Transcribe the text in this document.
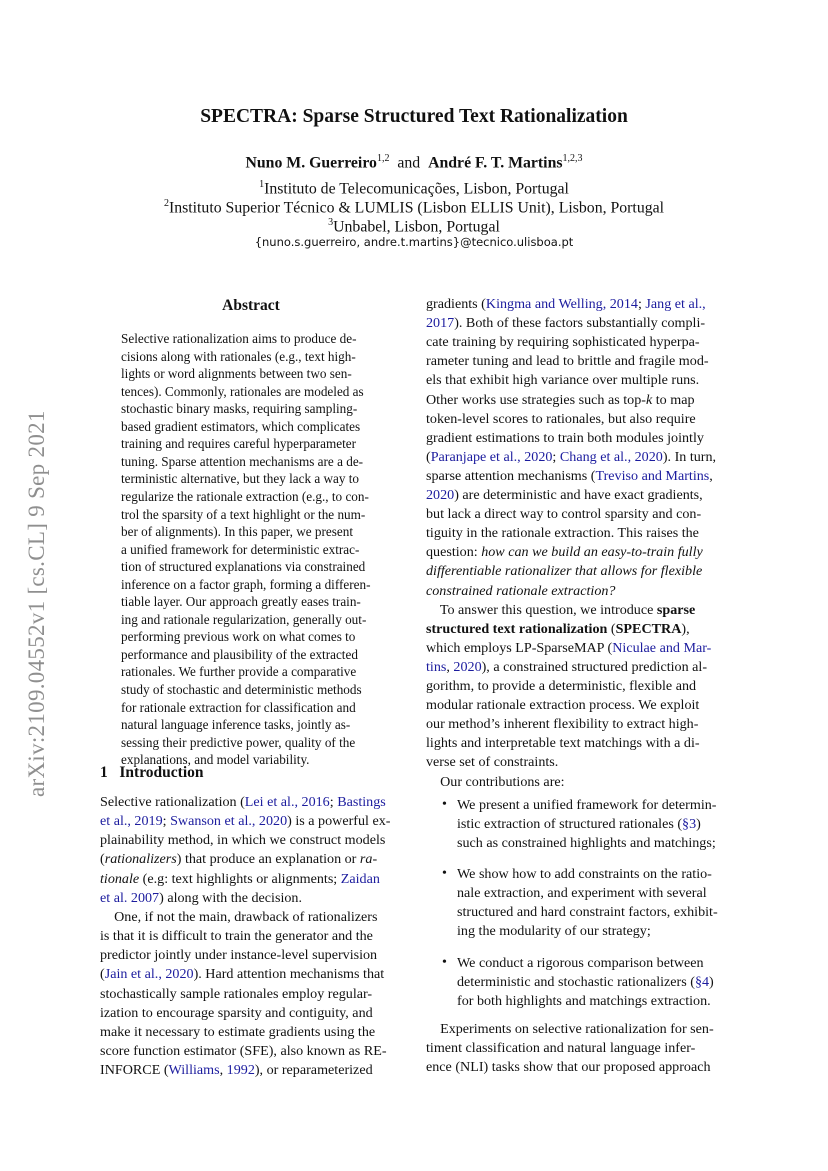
arXiv:2109.04552v1 [cs.CL] 9 Sep 2021
SPECTRA: Sparse Structured Text Rationalization
Nuno M. Guerreiro$^{1,2}$ and André F. T. Martins$^{1,2,3}$
$^1$Instituto de Telecomunicações, Lisbon, Portugal
$^2$Instituto Superior Técnico & LUMLIS (Lisbon ELLIS Unit), Lisbon, Portugal
$^3$Unbabel, Lisbon, Portugal
{nuno.s.guerreiro, andre.t.martins}@tecnico.ulisboa.pt
Abstract
Selective rationalization aims to produce de-
cisions along with rationales (e.g., text high-
lights or word alignments between two sen-
tences). Commonly, rationales are modeled as
stochastic binary masks, requiring sampling-
based gradient estimators, which complicates
training and requires careful hyperparameter
tuning. Sparse attention mechanisms are a de-
terministic alternative, but they lack a way to
regularize the rationale extraction (e.g., to con-
trol the sparsity of a text highlight or the num-
ber of alignments). In this paper, we present
a unified framework for deterministic extrac-
tion of structured explanations via constrained
inference on a factor graph, forming a differen-
tiable layer. Our approach greatly eases train-
ing and rationale regularization, generally out-
performing previous work on what comes to
performance and plausibility of the extracted
rationales. We further provide a comparative
study of stochastic and deterministic methods
for rationale extraction for classification and
natural language inference tasks, jointly as-
sessing their predictive power, quality of the
explanations, and model variability.
1 Introduction
Selective rationalization (Lei et al., 2016; Bastings
et al., 2019; Swanson et al., 2020) is a powerful ex-
plainability method, in which we construct models
(rationalizers) that produce an explanation or ra-
tionale (e.g: text highlights or alignments; Zaidan
et al. 2007) along with the decision.
One, if not the main, drawback of rationalizers
is that it is difficult to train the generator and the
predictor jointly under instance-level supervision
(Jain et al., 2020). Hard attention mechanisms that
stochastically sample rationales employ regular-
ization to encourage sparsity and contiguity, and
make it necessary to estimate gradients using the
score function estimator (SFE), also known as RE-
INFORCE (Williams, 1992), or reparameterized
gradients (Kingma and Welling, 2014; Jang et al.,
2017). Both of these factors substantially compli-
cate training by requiring sophisticated hyperpa-
rameter tuning and lead to brittle and fragile mod-
els that exhibit high variance over multiple runs.
Other works use strategies such as top-k to map
token-level scores to rationales, but also require
gradient estimations to train both modules jointly
(Paranjape et al., 2020; Chang et al., 2020). In turn,
sparse attention mechanisms (Treviso and Martins,
2020) are deterministic and have exact gradients,
but lack a direct way to control sparsity and con-
tiguity in the rationale extraction. This raises the
question: how can we build an easy-to-train fully
differentiable rationalizer that allows for flexible
constrained rationale extraction?
To answer this question, we introduce sparse
structured text rationalization (SPECTRA),
which employs LP-SparseMAP (Niculae and Mar-
tins, 2020), a constrained structured prediction al-
gorithm, to provide a deterministic, flexible and
modular rationale extraction process. We exploit
our method’s inherent flexibility to extract high-
lights and interpretable text matchings with a di-
verse set of constraints.
Our contributions are:
• We present a unified framework for determin-
istic extraction of structured rationales (§3)
such as constrained highlights and matchings;
• We show how to add constraints on the ratio-
nale extraction, and experiment with several
structured and hard constraint factors, exhibit-
ing the modularity of our strategy;
• We conduct a rigorous comparison between
deterministic and stochastic rationalizers (§4)
for both highlights and matchings extraction.
Experiments on selective rationalization for sen-
timent classification and natural language infer-
ence (NLI) tasks show that our proposed approach
